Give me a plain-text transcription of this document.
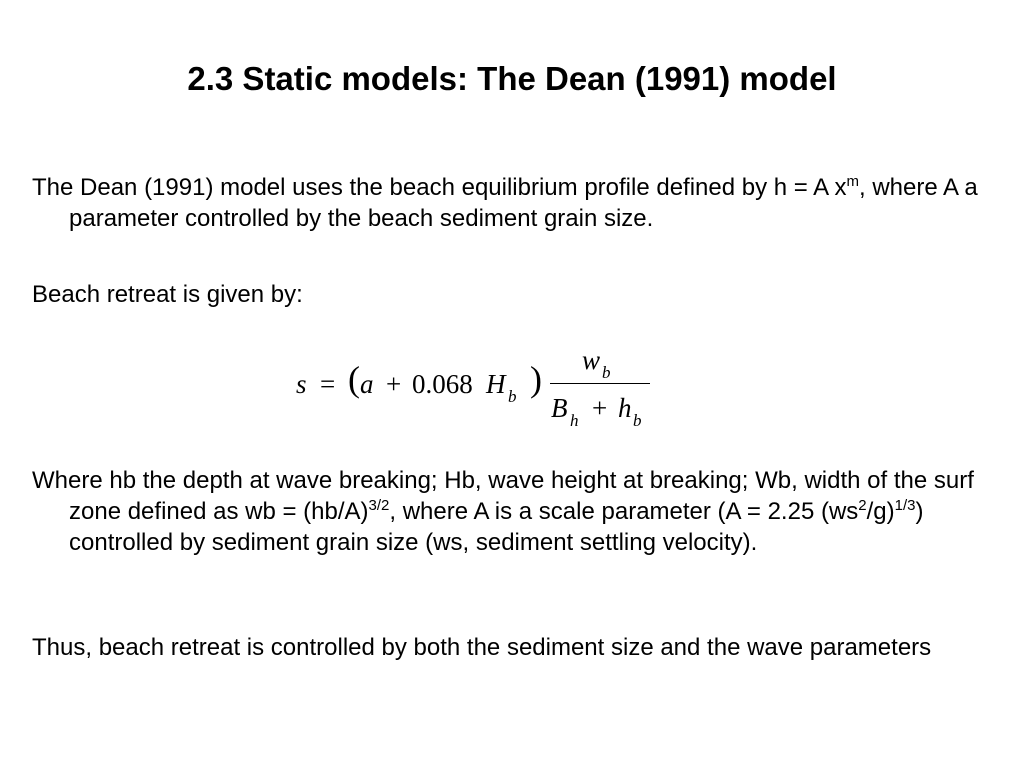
2.3 Static models: The Dean (1991) model
The Dean (1991) model uses the beach equilibrium profile defined by h = A $x^m$, where A a parameter controlled by the beach sediment grain size.
Beach retreat is given by:
s = ( a + 0.068 H b ) w b
B h + h b
Where hb the depth at wave breaking; Hb, wave height at breaking; Wb, width of the surf zone defined as wb = $(hb/A)^{3/2}$, where A is a scale parameter (A = 2.25 $(ws^2/g)^{1/3}$) controlled by sediment grain size (ws, sediment settling velocity).
Thus, beach retreat is controlled by both the sediment size and the wave parameters
